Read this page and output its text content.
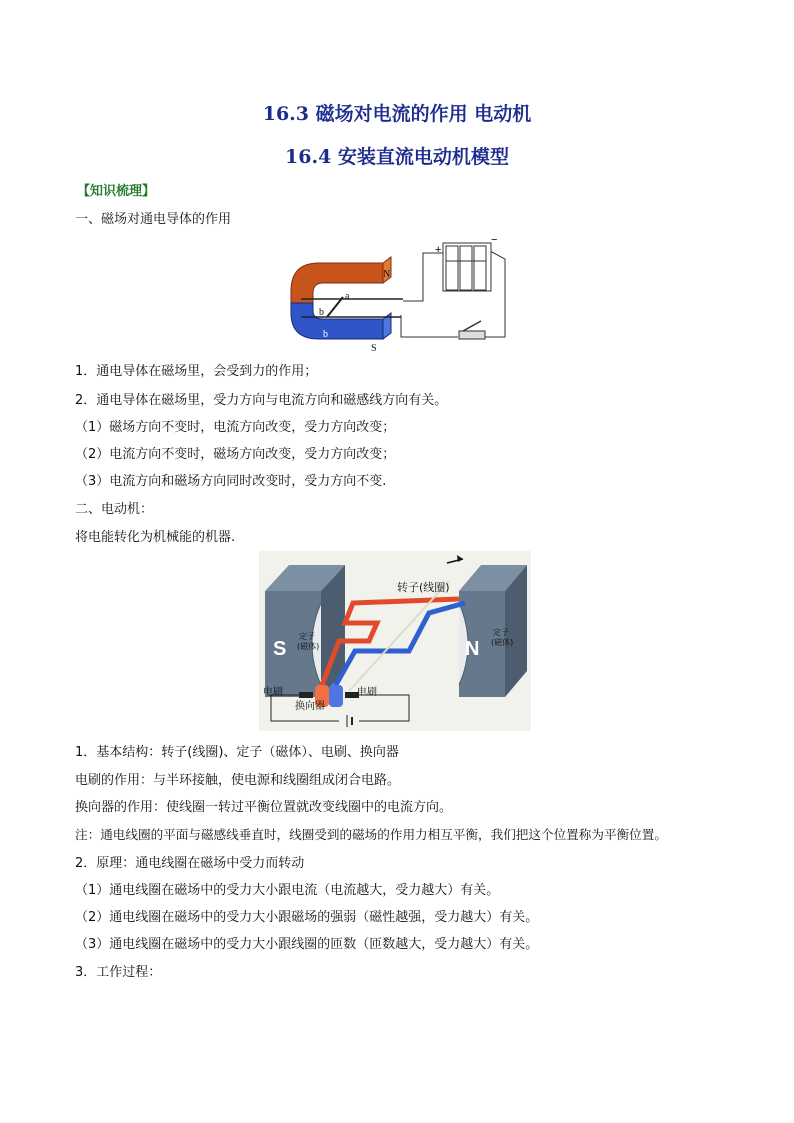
16.3 磁场对电流的作用 电动机
16.4 安装直流电动机模型
【知识梳理】
一、磁场对通电导体的作用
+
−
N
S
a
b
b
1．通电导体在磁场里，会受到力的作用；
2．通电导体在磁场里，受力方向与电流方向和磁感线方向有关。
（1）磁场方向不变时，电流方向改变，受力方向改变；
（2）电流方向不变时，磁场方向改变，受力方向改变；
（3）电流方向和磁场方向同时改变时，受力方向不变.
二、电动机：
将电能转化为机械能的机器.
S	N
转子(线圈)
定子
(磁体)
定子
(磁体)
电刷	电刷
换向器
1．基本结构：转子(线圈)、定子（磁体）、电刷、换向器
电刷的作用：与半环接触，使电源和线圈组成闭合电路。
换向器的作用：使线圈一转过平衡位置就改变线圈中的电流方向。
注：通电线圈的平面与磁感线垂直时，线圈受到的磁场的作用力相互平衡，我们把这个位置称为平衡位置。
2．原理：通电线圈在磁场中受力而转动
（1）通电线圈在磁场中的受力大小跟电流（电流越大，受力越大）有关。
（2）通电线圈在磁场中的受力大小跟磁场的强弱（磁性越强，受力越大）有关。
（3）通电线圈在磁场中的受力大小跟线圈的匝数（匝数越大，受力越大）有关。
3．工作过程：
